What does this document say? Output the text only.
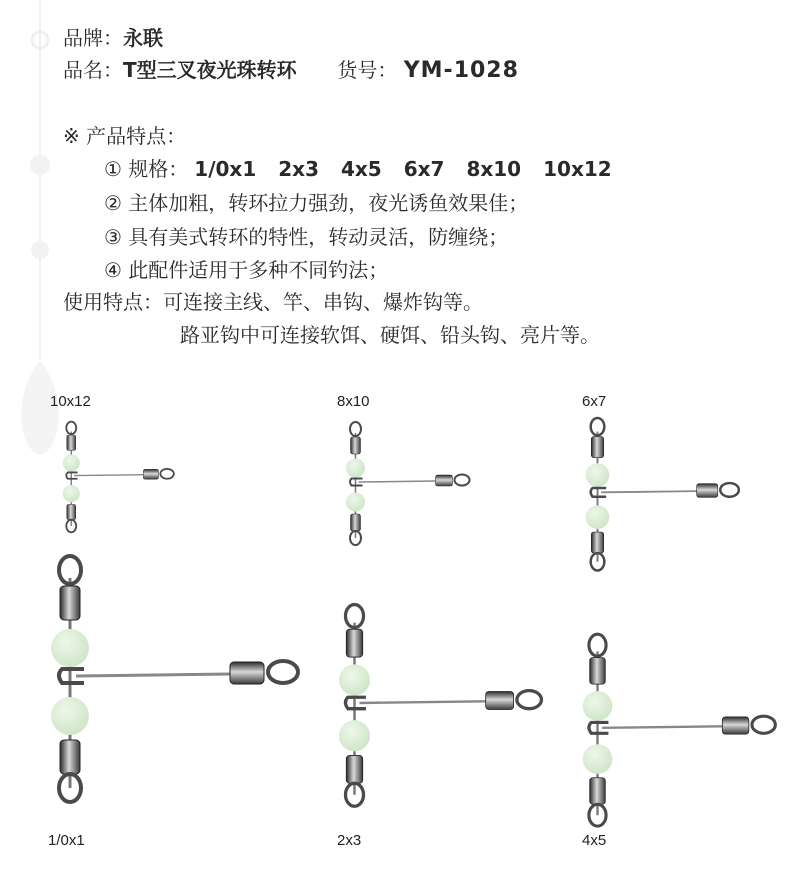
品牌：永联
品名：T型三叉夜光珠转环 货号： YM-1028
※ 产品特点：
① 规格： 1/0x1 2x3 4x5 6x7 8x10 10x12
② 主体加粗，转环拉力强劲，夜光诱鱼效果佳；
③ 具有美式转环的特性，转动灵活，防缠绕；
④ 此配件适用于多种不同钓法；
使用特点：可连接主线、竿、串钩、爆炸钩等。
路亚钩中可连接软饵、硬饵、铅头钩、亮片等。
10x12	8x10	6x7
1/0x1	2x3	4x5
